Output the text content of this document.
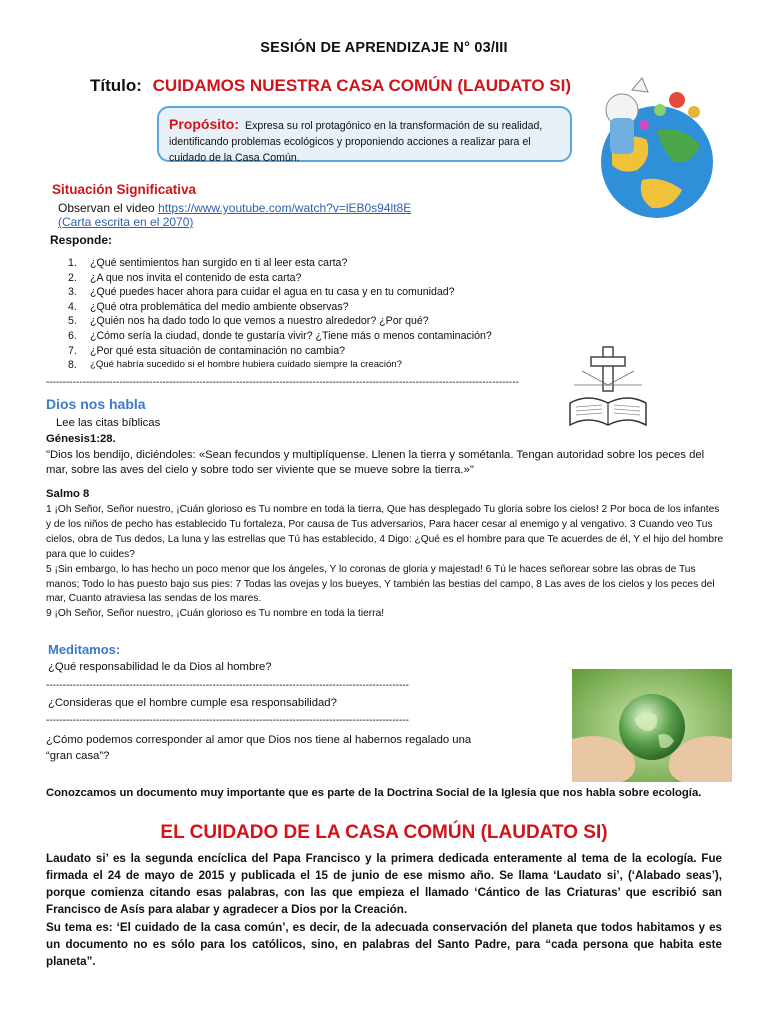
SESIÓN DE APRENDIZAJE N° 03/III
Título: CUIDAMOS NUESTRA CASA COMÚN (LAUDATO SI)
Propósito: Expresa su rol protagónico en la transformación de su realidad, identificando problemas ecológicos y proponiendo acciones a realizar para el cuidado de la Casa Común.
Situación Significativa
Observan el video https://www.youtube.com/watch?v=lEB0s94lt8E
(Carta escrita en el 2070)
Responde:
1.	¿Qué sentimientos han surgido en ti al leer esta carta?
2.	¿A que nos invita el contenido de esta carta?
3.	¿Qué puedes hacer ahora para cuidar el agua en tu casa y en tu comunidad?
4.	¿Qué otra problemática del medio ambiente observas?
5.	¿Quién nos ha dado todo lo que vemos a nuestro alrededor? ¿Por qué?
6.	¿Cómo sería la ciudad, donde te gustaría vivir? ¿Tiene más o menos contaminación?
7.	¿Por qué esta situación de contaminación no cambia?
8.	¿Qué habría sucedido si el hombre hubiera cuidado siempre la creación?
----------------------------------------------------------------------------------------------------------------------------------------------
Dios nos habla
Lee las citas bíblicas
Génesis1:28.
"Dios los bendijo, diciéndoles: «Sean fecundos y multiplíquense. Llenen la tierra y sométanla. Tengan autoridad sobre los peces del mar, sobre las aves del cielo y sobre todo ser viviente que se mueve sobre la tierra.»"
Salmo 8
1 ¡Oh Señor, Señor nuestro, ¡Cuán glorioso es Tu nombre en toda la tierra, Que has desplegado Tu gloria sobre los cielos! 2 Por boca de los infantes y de los niños de pecho has establecido Tu fortaleza, Por causa de Tus adversarios, Para hacer cesar al enemigo y al vengativo. 3 Cuando veo Tus cielos, obra de Tus dedos, La luna y las estrellas que Tú has establecido, 4 Digo: ¿Qué es el hombre para que Te acuerdes de él, Y el hijo del hombre para que lo cuides?
5 ¡Sin embargo, lo has hecho un poco menor que los ángeles, Y lo coronas de gloria y majestad! 6 Tú le haces señorear sobre las obras de Tus manos; Todo lo has puesto bajo sus pies: 7 Todas las ovejas y los bueyes, Y también las bestias del campo, 8 Las aves de los cielos y los peces del mar, Cuanto atraviesa las sendas de los mares.
9 ¡Oh Señor, Señor nuestro, ¡Cuán glorioso es Tu nombre en toda la tierra!
Meditamos:
¿Qué responsabilidad le da Dios al hombre?
-------------------------------------------------------------------------------------------------------------
¿Consideras que el hombre cumple esa responsabilidad?
-------------------------------------------------------------------------------------------------------------
¿Cómo podemos corresponder al amor que Dios nos tiene al habernos regalado una
“gran casa”?
Conozcamos un documento muy importante que es parte de la Doctrina Social de la Iglesia que nos habla sobre ecología.
EL CUIDADO DE LA CASA COMÚN (LAUDATO SI)
Laudato si’ es la segunda encíclica del Papa Francisco y la primera dedicada enteramente al tema de la ecología. Fue firmada el 24 de mayo de 2015 y publicada el 15 de junio de ese mismo año. Se llama ‘Laudato si’, (‘Alabado seas’), porque comienza citando esas palabras, con las que empieza el llamado ‘Cántico de las Criaturas’ que escribió san Francisco de Asís para alabar y agradecer a Dios por la Creación.
Su tema es: ‘El cuidado de la casa común’, es decir, de la adecuada conservación del planeta que todos habitamos y es un documento no es sólo para los católicos, sino, en palabras del Santo Padre, para “cada persona que habita este planeta”.
